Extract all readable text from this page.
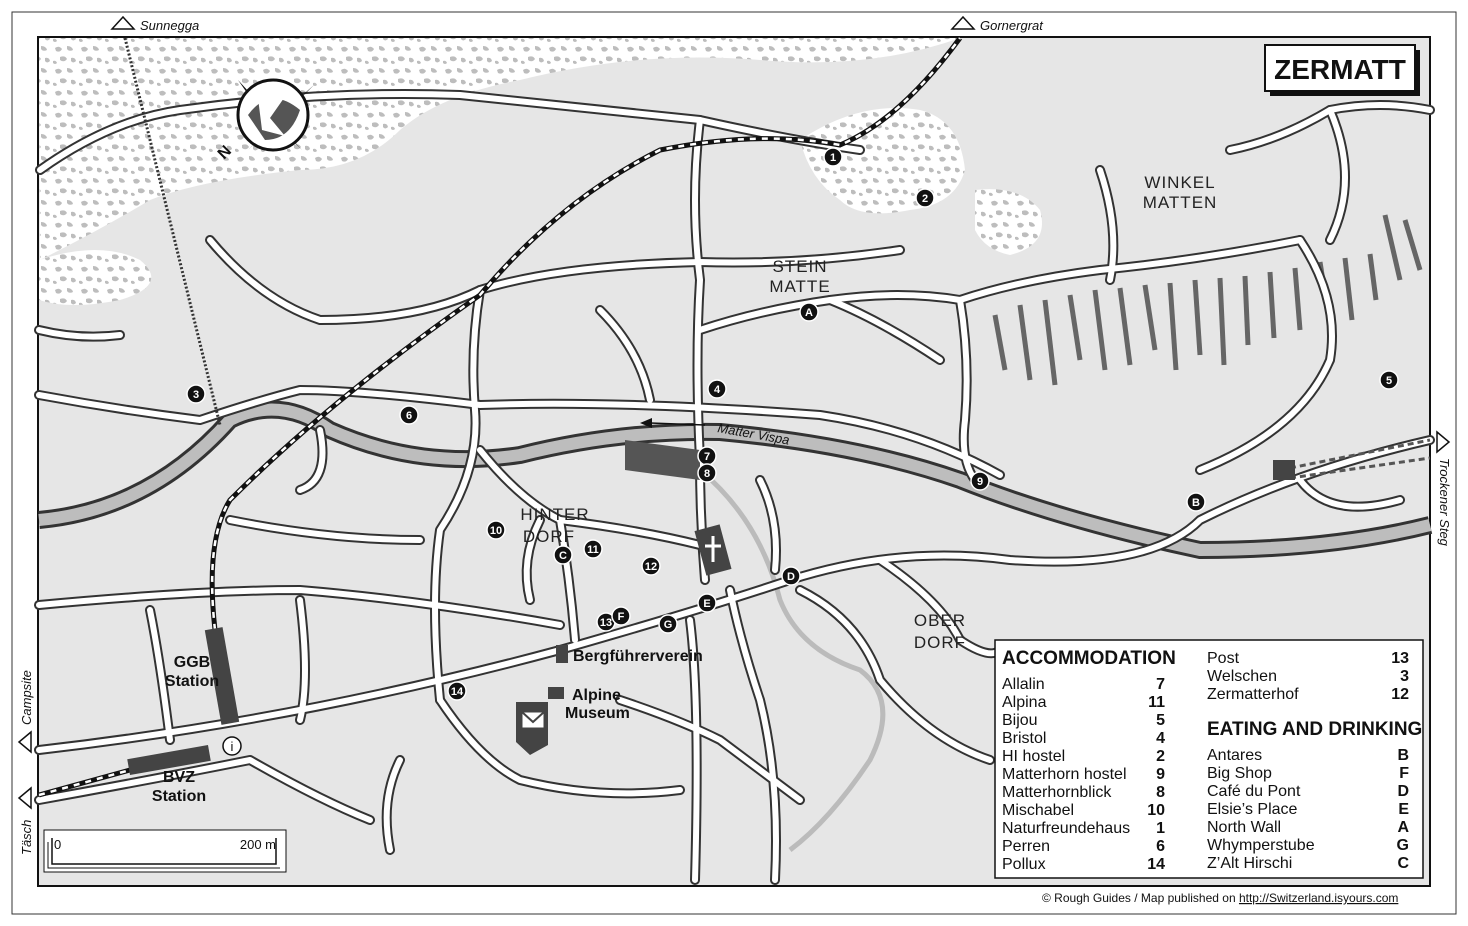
N
Sunnegga	Gornergrat
Trockener Steg
Campsite
Täsch
ZERMATT
Matter Vispa
STEIN
MATTE
WINKEL
MATTEN
HINTER
DORF
OBER
DORF
GGB
Station
BVZ
Station
Bergführerverein
Alpine
Museum
i
1
2
3	4
5
6
7
8
9
10
11
12
13
14
A
B
C
D
E
F
G
0	200 m
ACCOMMODATION
Allalin	7
Alpina	11
Bijou	5
Bristol	4
HI hostel	2
Matterhorn hostel 9
Matterhornblick	8
Mischabel	10
Naturfreundehaus 1
Perren	6
Pollux	14
Post	13
Welschen	3
Zermatterhof	12
EATING AND DRINKING
Antares	B
Big Shop	F
Café du Pont	D
Elsie’s Place	E
North Wall	A
Whymperstube	G
Z’Alt Hirschi	C
© Rough Guides / Map published on http://Switzerland.isyours.com
